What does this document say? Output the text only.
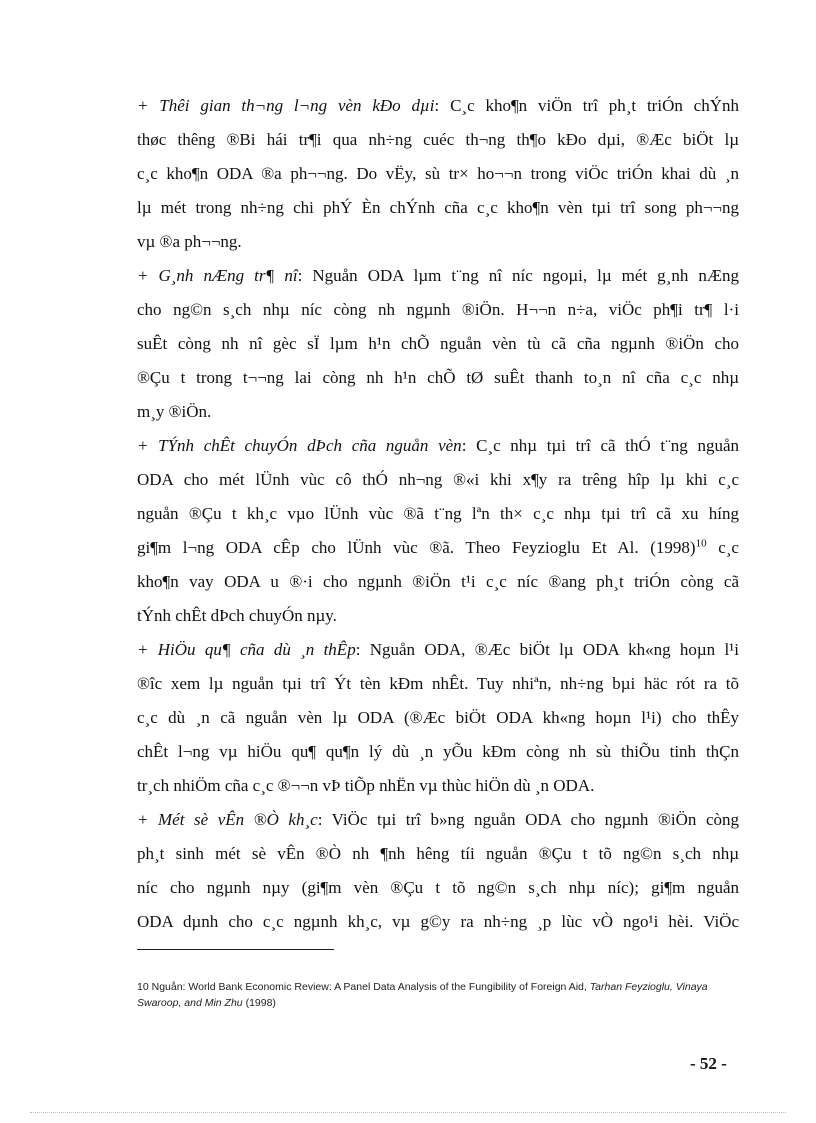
+ Thêi gian th¬ng l¬ng vèn kÐo dµi: C¸c kho¶n viÖn trî ph¸t triÓn chÝnh

thøc thêng ®Bi hái tr¶i qua nh÷ng cuéc th¬ng th¶o kÐo dµi, ®Æc biÖt lµ

c¸c kho¶n ODA ®a ph¬¬ng. Do vËy, sù tr× ho¬¬n trong viÖc triÓn khai dù ¸n

lµ mét trong nh÷ng chi phÝ Èn chÝnh cña c¸c kho¶n vèn tµi trî song ph¬¬ng

vµ ®a ph¬¬ng.

+ G¸nh nÆng tr¶ nî: Nguån ODA lµm t¨ng nî níc ngoµi, lµ mét g¸nh nÆng

cho ng©n s¸ch nhµ níc còng nh ngµnh ®iÖn. H¬¬n n÷a, viÖc ph¶i tr¶ l·i

suÊt còng nh nî gèc sÏ lµm h¹n chÕ nguån vèn tù cã cña ngµnh ®iÖn cho

®Çu t trong t¬¬ng lai còng nh h¹n chÕ tØ suÊt thanh to¸n nî cña c¸c nhµ

m¸y ®iÖn.

+ TÝnh chÊt chuyÓn dÞch cña nguån vèn: C¸c nhµ tµi trî cã thÓ t¨ng nguån

ODA cho mét lÜnh vùc cô thÓ nh¬ng ®«i khi x¶y ra trêng hîp lµ khi c¸c

nguån ®Çu t kh¸c vµo lÜnh vùc ®ã t¨ng lªn th× c¸c nhµ tµi trî cã xu híng

gi¶m l¬ng ODA cÊp cho lÜnh vùc ®ã. Theo Feyzioglu Et Al. $(1998)^{10}$ c¸c

kho¶n vay ODA u ®·i cho ngµnh ®iÖn t¹i c¸c níc ®ang ph¸t triÓn còng cã

tÝnh chÊt dÞch chuyÓn nµy.

+ HiÖu qu¶ cña dù ¸n thÊp: Nguån ODA, ®Æc biÖt lµ ODA kh«ng hoµn l¹i

®îc xem lµ nguån tµi trî Ýt tèn kÐm nhÊt. Tuy nhiªn, nh÷ng bµi häc rót ra tõ

c¸c dù ¸n cã nguån vèn lµ ODA (®Æc biÖt ODA kh«ng hoµn l¹i) cho thÊy

chÊt l¬ng vµ hiÖu qu¶ qu¶n lý dù ¸n yÕu kÐm còng nh sù thiÕu tinh thÇn

tr¸ch nhiÖm cña c¸c ®¬¬n vÞ tiÕp nhËn vµ thùc hiÖn dù ¸n ODA.

+ Mét sè vÊn ®Ò kh¸c: ViÖc tµi trî b»ng nguån ODA cho ngµnh ®iÖn còng

ph¸t sinh mét sè vÊn ®Ò nh ¶nh hêng tíi nguån ®Çu t tõ ng©n s¸ch nhµ

níc cho ngµnh nµy (gi¶m vèn ®Çu t tõ ng©n s¸ch nhµ níc); gi¶m nguån

ODA dµnh cho c¸c ngµnh kh¸c, vµ g©y ra nh÷ng ¸p lùc vÒ ngo¹i hèi. ViÖc

10 Nguån: World Bank Economic Review: A Panel Data Analysis of the Fungibility of Foreign Aid, Tarhan Feyzioglu, Vinaya Swaroop, and Min Zhu (1998)
- 52 -
